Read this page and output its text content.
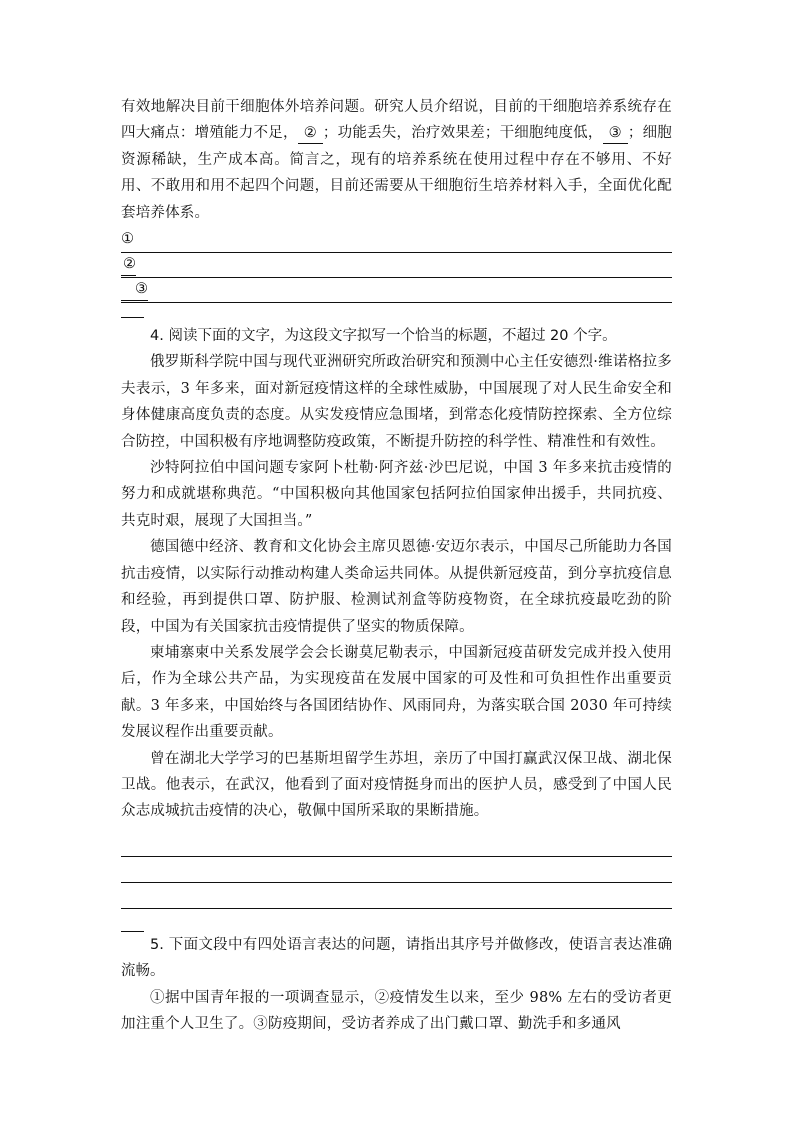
有效地解决目前干细胞体外培养问题。研究人员介绍说，目前的干细胞培养系统存在四大痛点：增殖能力不足， ② ；功能丢失，治疗效果差；干细胞纯度低， ③ ；细胞资源稀缺，生产成本高。简言之，现有的培养系统在使用过程中存在不够用、不好用、不敢用和用不起四个问题，目前还需要从干细胞衍生培养材料入手，全面优化配套培养体系。

①
②
③

4. 阅读下面的文字，为这段文字拟写一个恰当的标题，不超过 20 个字。

俄罗斯科学院中国与现代亚洲研究所政治研究和预测中心主任安德烈·维诺格拉多夫表示，3 年多来，面对新冠疫情这样的全球性威胁，中国展现了对人民生命安全和身体健康高度负责的态度。从实发疫情应急围堵，到常态化疫情防控探索、全方位综合防控，中国积极有序地调整防疫政策，不断提升防控的科学性、精准性和有效性。

沙特阿拉伯中国问题专家阿卜杜勒·阿齐兹·沙巴尼说，中国 3 年多来抗击疫情的努力和成就堪称典范。“中国积极向其他国家包括阿拉伯国家伸出援手，共同抗疫、共克时艰，展现了大国担当。”

德国德中经济、教育和文化协会主席贝恩德·安迈尔表示，中国尽己所能助力各国抗击疫情，以实际行动推动构建人类命运共同体。从提供新冠疫苗，到分享抗疫信息和经验，再到提供口罩、防护服、检测试剂盒等防疫物资，在全球抗疫最吃劲的阶段，中国为有关国家抗击疫情提供了坚实的物质保障。

柬埔寨柬中关系发展学会会长谢莫尼勒表示，中国新冠疫苗研发完成并投入使用后，作为全球公共产品，为实现疫苗在发展中国家的可及性和可负担性作出重要贡献。3 年多来，中国始终与各国团结协作、风雨同舟，为落实联合国 2030 年可持续发展议程作出重要贡献。

曾在湖北大学学习的巴基斯坦留学生苏坦，亲历了中国打赢武汉保卫战、湖北保卫战。他表示，在武汉，他看到了面对疫情挺身而出的医护人员，感受到了中国人民众志成城抗击疫情的决心，敬佩中国所采取的果断措施。

5. 下面文段中有四处语言表达的问题，请指出其序号并做修改，使语言表达准确流畅。

①据中国青年报的一项调查显示，②疫情发生以来，至少 98% 左右的受访者更加注重个人卫生了。③防疫期间，受访者养成了出门戴口罩、勤洗手和多通风
